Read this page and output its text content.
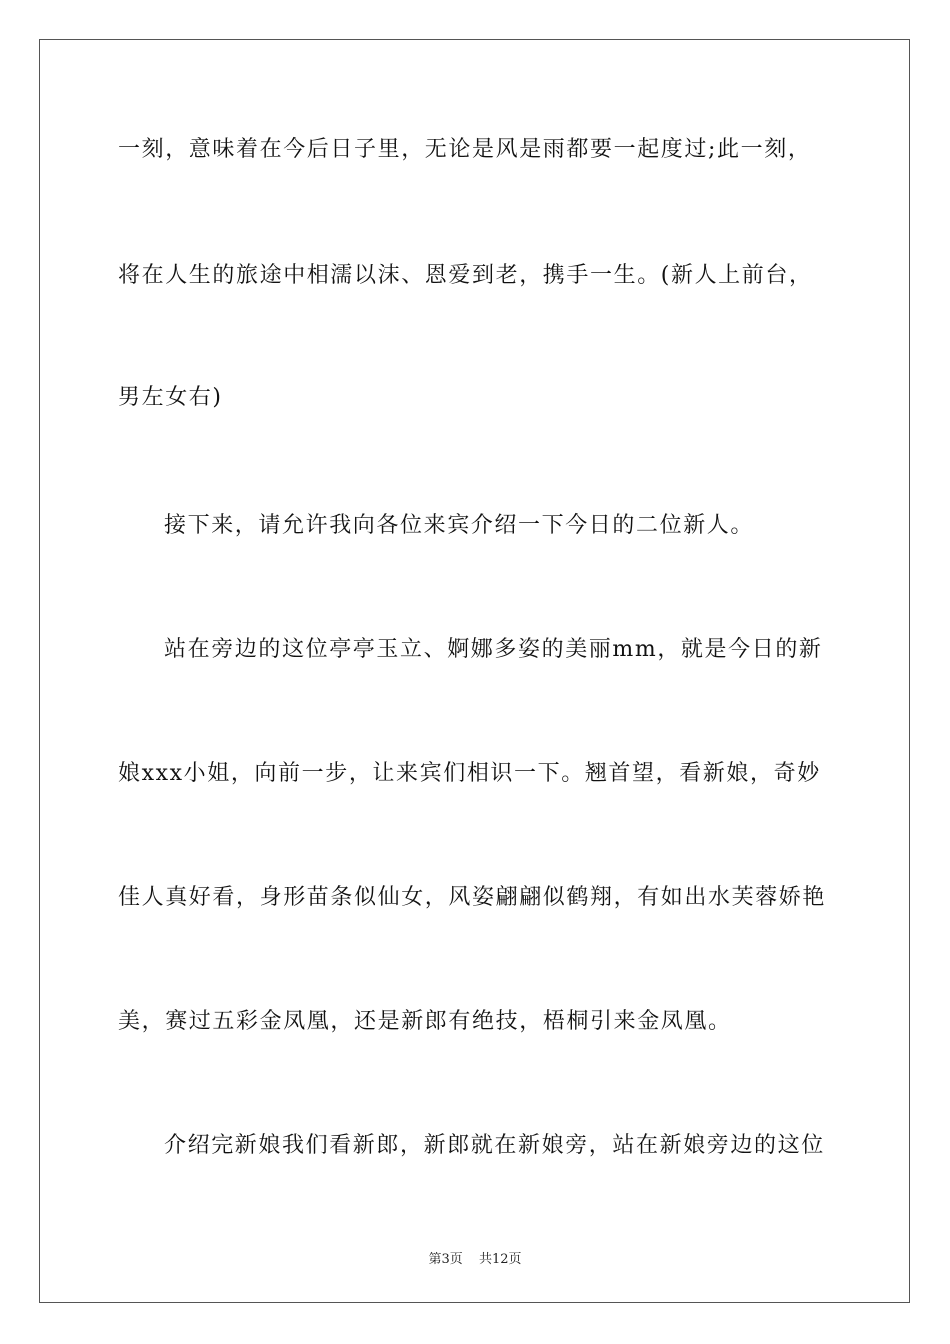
一刻，意味着在今后日子里，无论是风是雨都要一起度过;此一刻，
将在人生的旅途中相濡以沫、恩爱到老，携手一生。(新人上前台，
男左女右)
接下来，请允许我向各位来宾介绍一下今日的二位新人。
站在旁边的这位亭亭玉立、婀娜多姿的美丽mm，就是今日的新
娘xxx小姐，向前一步，让来宾们相识一下。翘首望，看新娘，奇妙
佳人真好看，身形苗条似仙女，风姿翩翩似鹤翔，有如出水芙蓉娇艳
美，赛过五彩金凤凰，还是新郎有绝技，梧桐引来金凤凰。
介绍完新娘我们看新郎，新郎就在新娘旁，站在新娘旁边的这位
第3页 共12页
